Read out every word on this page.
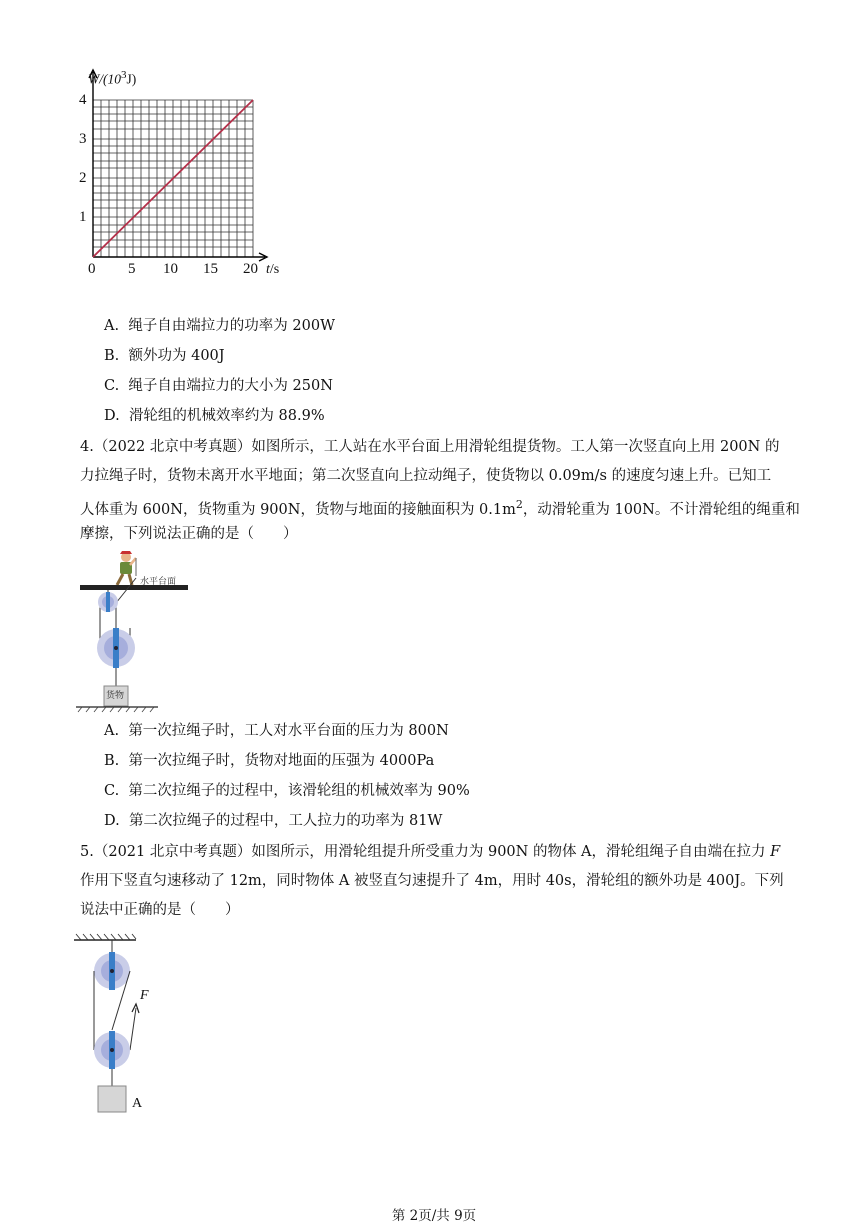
$W/(10^3J)$
t/s
4
3
2
1
0 5 10 15 20
A. 绳子自由端拉力的功率为 200W
B. 额外功为 400J
C. 绳子自由端拉力的大小为 250N
D. 滑轮组的机械效率约为 88.9%
4.（2022 北京中考真题）如图所示，工人站在水平台面上用滑轮组提货物。工人第一次竖直向上用 200N 的
力拉绳子时，货物未离开水平地面；第二次竖直向上拉动绳子，使货物以 0.09m/s 的速度匀速上升。已知工
人体重为 600N，货物重为 900N，货物与地面的接触面积为 $0.1m^2$，动滑轮重为 100N。不计滑轮组的绳重和
摩擦，下列说法正确的是（　　）
水平台面
货物
A. 第一次拉绳子时，工人对水平台面的压力为 800N
B. 第一次拉绳子时，货物对地面的压强为 4000Pa
C. 第二次拉绳子的过程中，该滑轮组的机械效率为 90%
D. 第二次拉绳子的过程中，工人拉力的功率为 81W
5.（2021 北京中考真题）如图所示，用滑轮组提升所受重力为 900N 的物体 A，滑轮组绳子自由端在拉力 F
作用下竖直匀速移动了 12m，同时物体 A 被竖直匀速提升了 4m，用时 40s，滑轮组的额外功是 400J。下列
说法中正确的是（　　）
F
A
第 2页/共 9页
